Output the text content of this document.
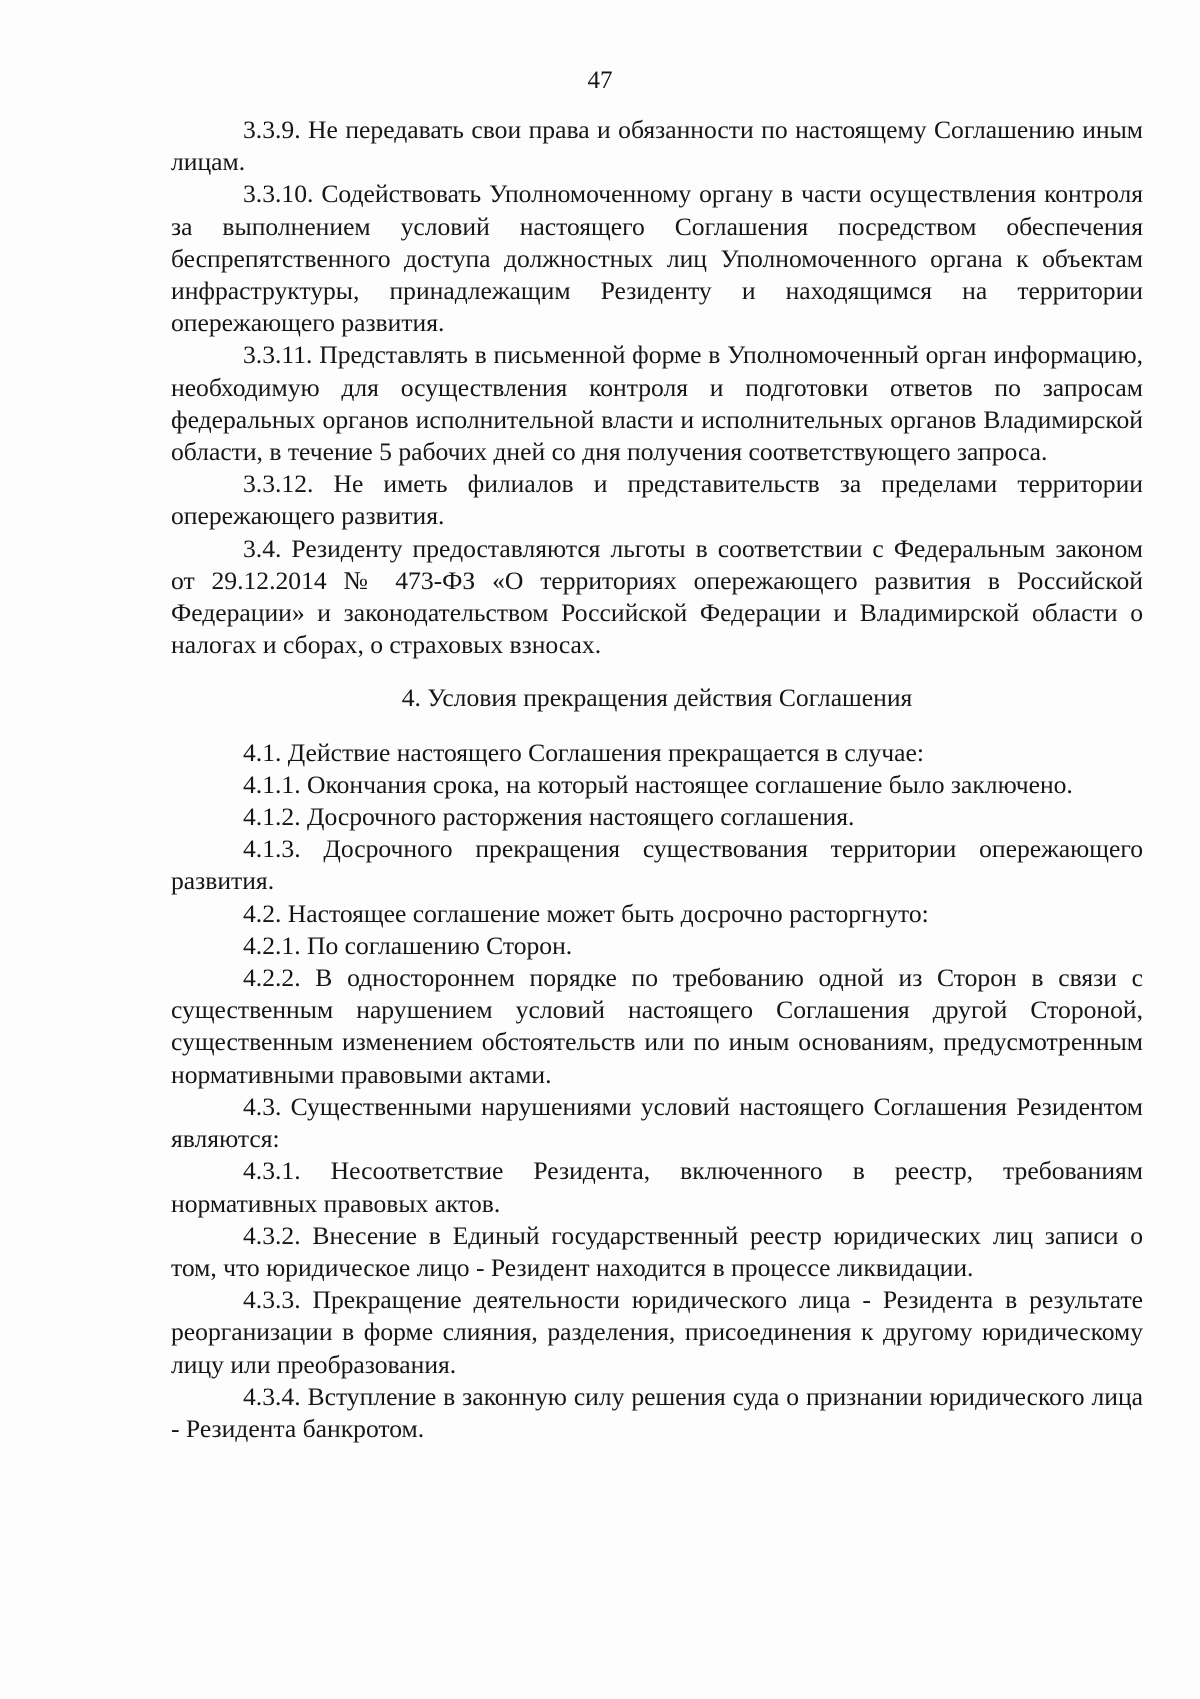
47

3.3.9. Не передавать свои права и обязанности по настоящему Соглашению иным лицам.

3.3.10. Содействовать Уполномоченному органу в части осуществления контроля за выполнением условий настоящего Соглашения посредством обеспечения беспрепятственного доступа должностных лиц Уполномоченного органа к объектам инфраструктуры, принадлежащим Резиденту и находящимся на территории опережающего развития.

3.3.11. Представлять в письменной форме в Уполномоченный орган информацию, необходимую для осуществления контроля и подготовки ответов по запросам федеральных органов исполнительной власти и исполнительных органов Владимирской области, в течение 5 рабочих дней со дня получения соответствующего запроса.

3.3.12. Не иметь филиалов и представительств за пределами территории опережающего развития.

3.4. Резиденту предоставляются льготы в соответствии с Федеральным законом от 29.12.2014 № 473-ФЗ «О территориях опережающего развития в Российской Федерации» и законодательством Российской Федерации и Владимирской области о налогах и сборах, о страховых взносах.

4. Условия прекращения действия Соглашения

4.1. Действие настоящего Соглашения прекращается в случае:

4.1.1. Окончания срока, на который настоящее соглашение было заключено.

4.1.2. Досрочного расторжения настоящего соглашения.

4.1.3. Досрочного прекращения существования территории опережающего развития.

4.2. Настоящее соглашение может быть досрочно расторгнуто:

4.2.1. По соглашению Сторон.

4.2.2. В одностороннем порядке по требованию одной из Сторон в связи с существенным нарушением условий настоящего Соглашения другой Стороной, существенным изменением обстоятельств или по иным основаниям, предусмотренным нормативными правовыми актами.

4.3. Существенными нарушениями условий настоящего Соглашения Резидентом являются:

4.3.1. Несоответствие Резидента, включенного в реестр, требованиям нормативных правовых актов.

4.3.2. Внесение в Единый государственный реестр юридических лиц записи о том, что юридическое лицо - Резидент находится в процессе ликвидации.

4.3.3. Прекращение деятельности юридического лица - Резидента в результате реорганизации в форме слияния, разделения, присоединения к другому юридическому лицу или преобразования.

4.3.4. Вступление в законную силу решения суда о признании юридического лица - Резидента банкротом.
